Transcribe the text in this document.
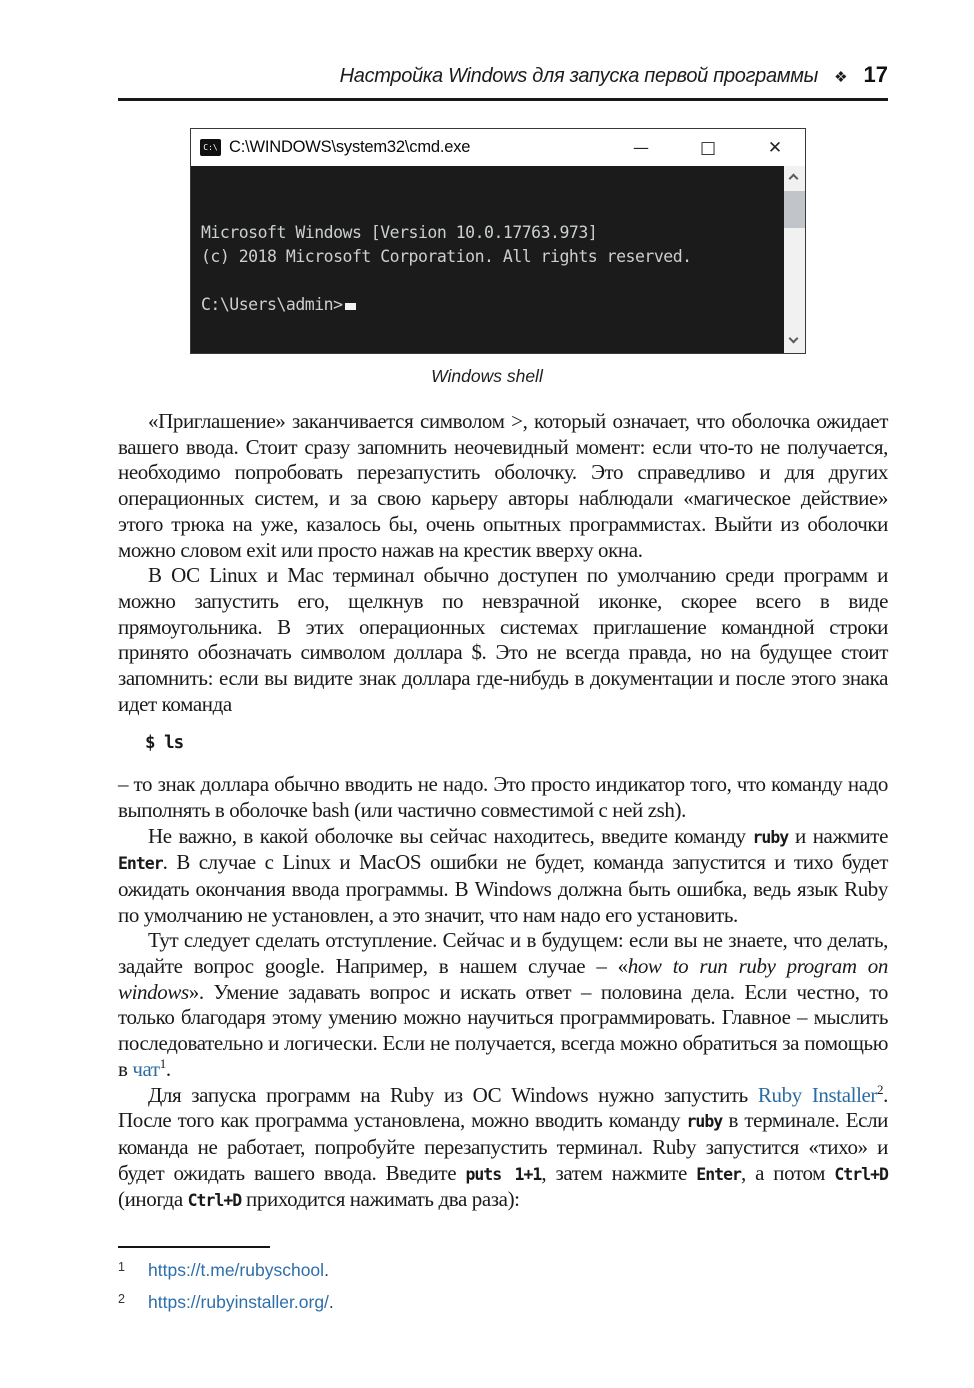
Настройка Windows для запуска первой программы ❖ 17
C:\ C:\WINDOWS\system32\cmd.exe	—	□	✕

Microsoft Windows [Version 10.0.17763.973]
(c) 2018 Microsoft Corporation. All rights reserved.
C:\Users\admin>

Windows shell

«Приглашение» заканчивается символом >, который означает, что оболочка ожидает вашего ввода. Стоит сразу запомнить неочевидный момент: если что-то не получается, необходимо попробовать перезапустить оболочку. Это справедливо и для других операционных систем, и за свою карьеру авторы наблюдали «магическое действие» этого трюка на уже, казалось бы, очень опытных программистах. Выйти из оболочки можно словом exit или просто нажав на крестик вверху окна.

В ОС Linux и Mac терминал обычно доступен по умолчанию среди программ и можно запустить его, щелкнув по невзрачной иконке, скорее всего в виде прямоугольника. В этих операционных системах приглашение командной строки принято обозначать символом доллара $. Это не всегда правда, но на будущее стоит запомнить: если вы видите знак доллара где-нибудь в документации и после этого знака идет команда

$ ls

– то знак доллара обычно вводить не надо. Это просто индикатор того, что команду надо выполнять в оболочке bash (или частично совместимой с ней zsh).

Не важно, в какой оболочке вы сейчас находитесь, введите команду ruby и нажмите Enter. В случае с Linux и MacOS ошибки не будет, команда запустится и тихо будет ожидать окончания ввода программы. В Windows должна быть ошибка, ведь язык Ruby по умолчанию не установлен, а это значит, что нам надо его установить.

Тут следует сделать отступление. Сейчас и в будущем: если вы не знаете, что делать, задайте вопрос google. Например, в нашем случае – «how to run ruby program on windows». Умение задавать вопрос и искать ответ – половина дела. Если честно, то только благодаря этому умению можно научиться программировать. Главное – мыслить последовательно и логически. Если не получается, всегда можно обратиться за помощью в чат$^1$.

Для запуска программ на Ruby из ОС Windows нужно запустить Ruby Installer$^2$. После того как программа установлена, можно вводить команду ruby в терминале. Если команда не работает, попробуйте перезапустить терминал. Ruby запустится «тихо» и будет ожидать вашего ввода. Введите puts 1+1, затем нажмите Enter, а потом Ctrl+D (иногда Ctrl+D приходится нажимать два раза):

1	https://t.me/rubyschool .
2	https://rubyinstaller.org/ .
